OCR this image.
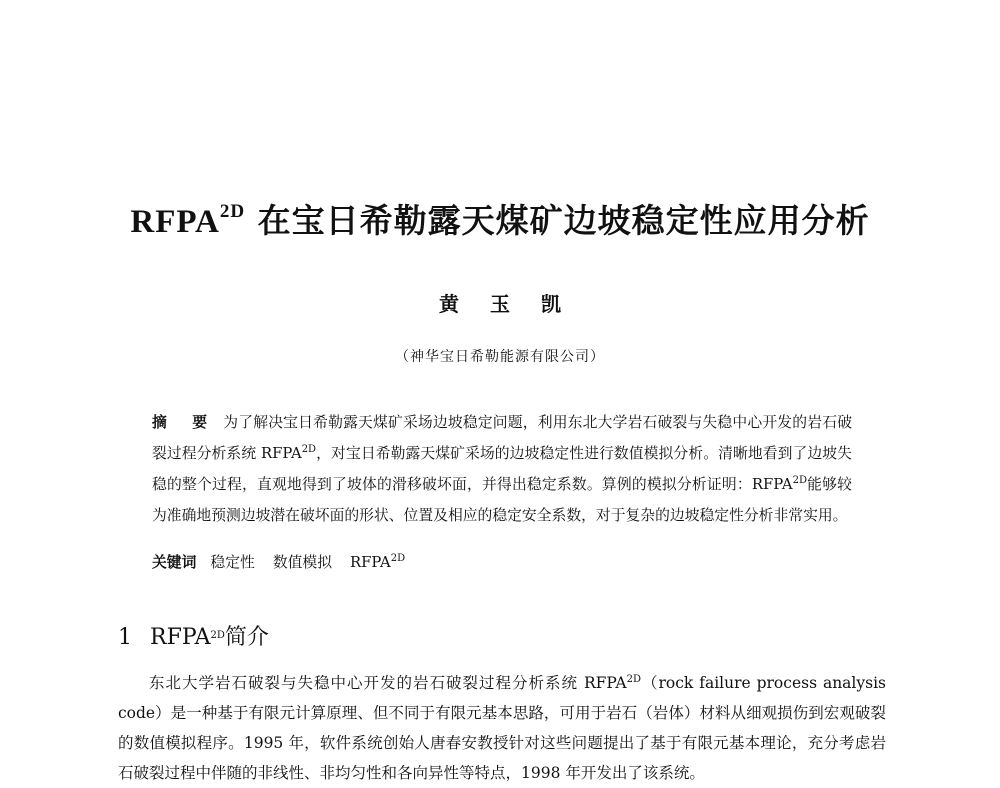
$RFPA^{2D}$ 在宝日希勒露天煤矿边坡稳定性应用分析
黄 玉 凯
（神华宝日希勒能源有限公司）
摘 要 为了解决宝日希勒露天煤矿采场边坡稳定问题，利用东北大学岩石破裂与失稳中心开发的岩石破裂过程分析系统 $RFPA^{2D}$，对宝日希勒露天煤矿采场的边坡稳定性进行数值模拟分析。清晰地看到了边坡失稳的整个过程，直观地得到了坡体的滑移破坏面，并得出稳定系数。算例的模拟分析证明：$RFPA^{2D}$能够较为准确地预测边坡潜在破坏面的形状、位置及相应的稳定安全系数，对于复杂的边坡稳定性分析非常实用。
关键词 稳定性 数值模拟 $RFPA^{2D}$
1 $RFPA^{2D}$简介
东北大学岩石破裂与失稳中心开发的岩石破裂过程分析系统 $RFPA^{2D}(rock$ failure process analysis code）是一种基于有限元计算原理、但不同于有限元基本思路，可用于岩石（岩体）材料从细观损伤到宏观破裂的数值模拟程序。1995 年，软件系统创始人唐春安教授针对这些问题提出了基于有限元基本理论，充分考虑岩石破裂过程中伴随的非线性、非均匀性和各向异性等特点，1998 年开发出了该系统。
